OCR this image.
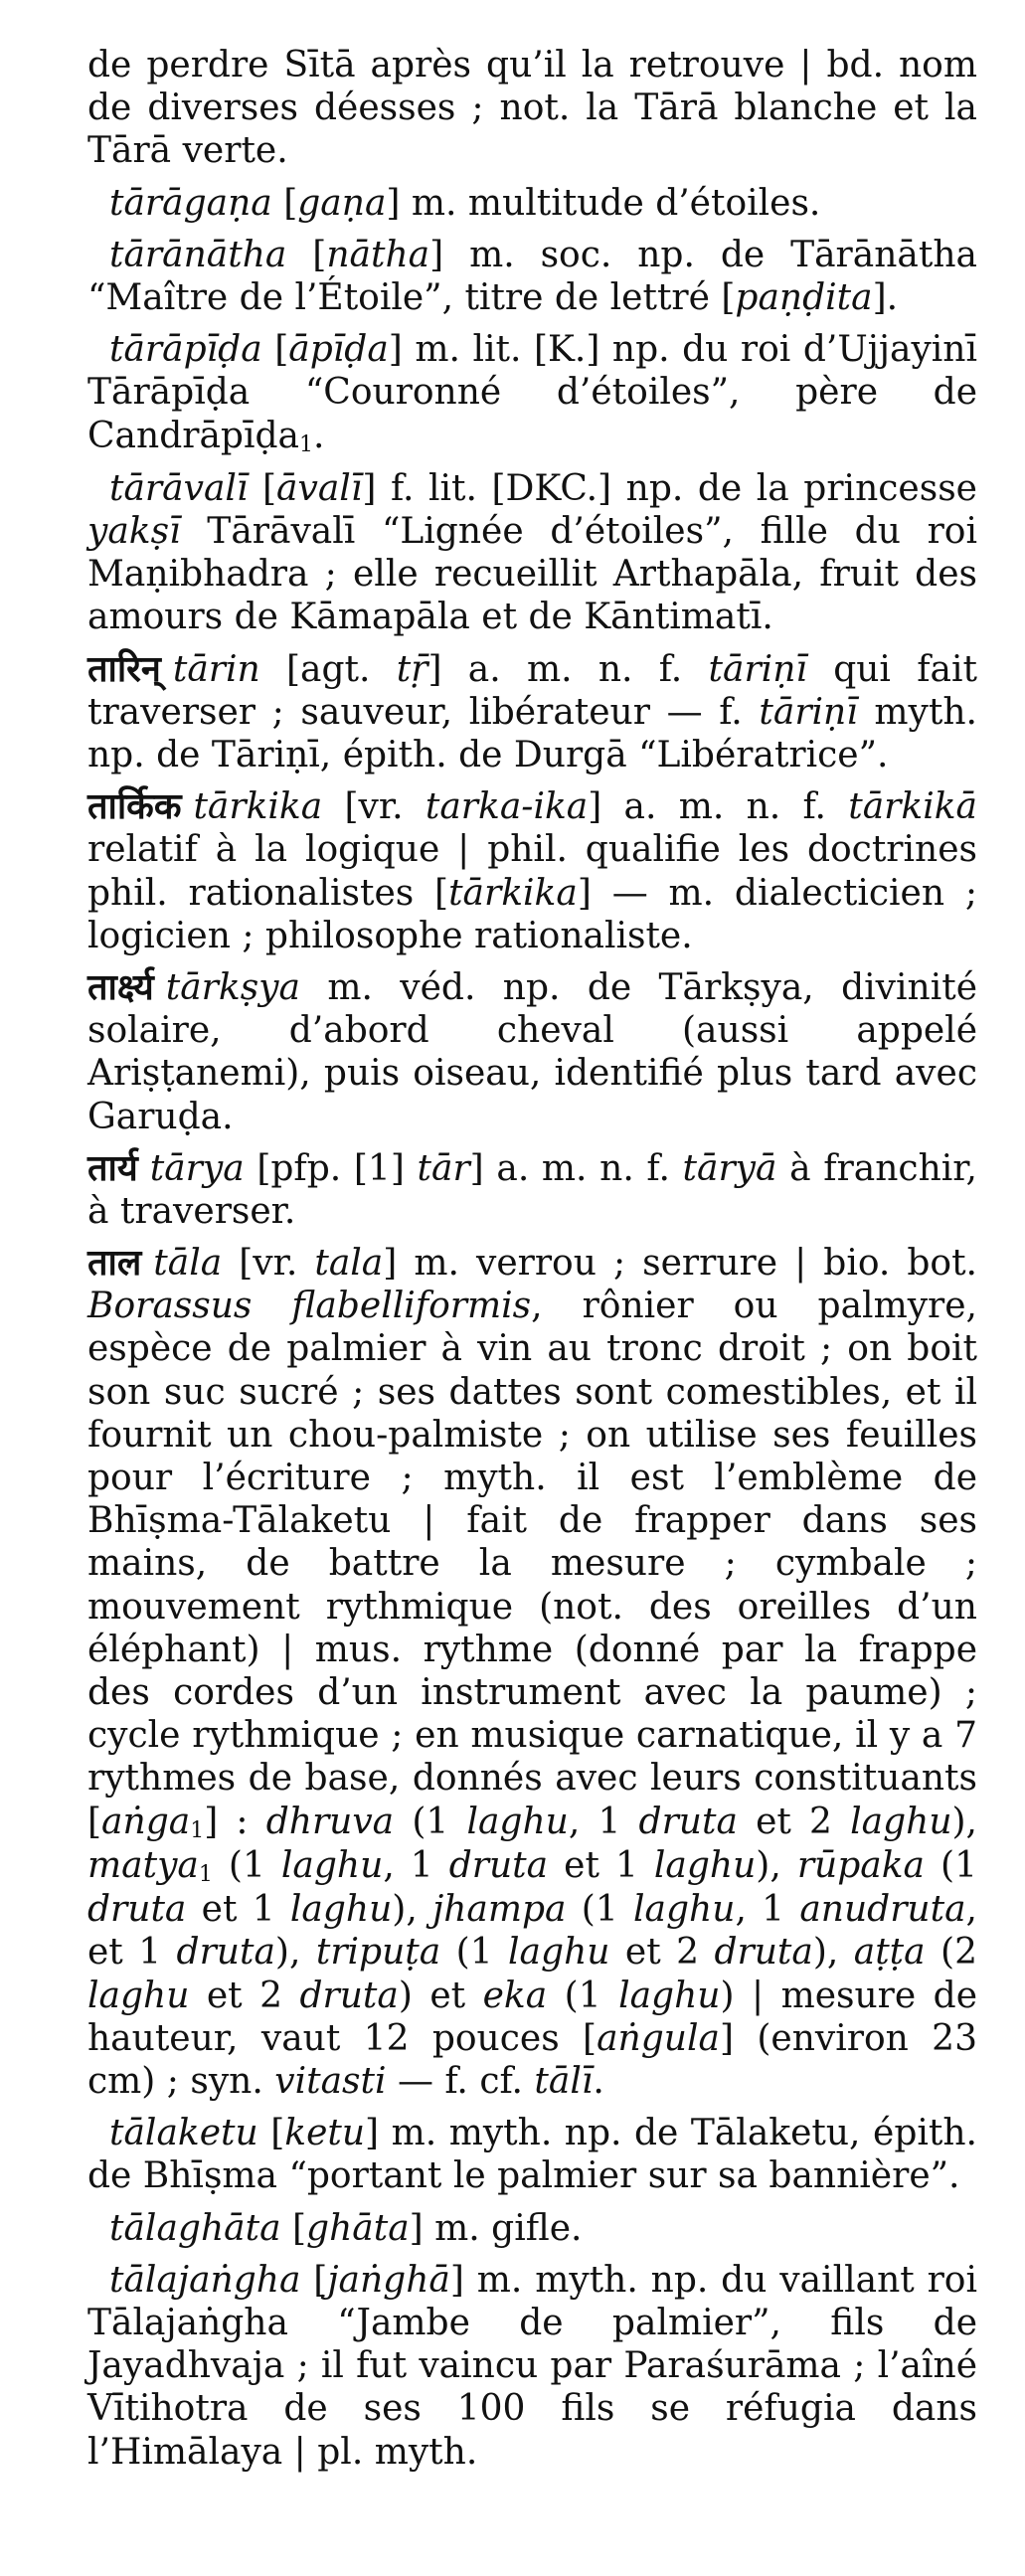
de perdre Sītā après qu’il la retrouve | bd. nom de diverses déesses ; not. la Tārā blanche et la Tārā verte.

tārāgaṇa [gaṇa] m. multitude d’étoiles.

tārānātha [nātha] m. soc. np. de Tārānātha “Maître de l’Étoile”, titre de lettré [paṇḍita].

tārāpīḍa [āpīḍa] m. lit. [K.] np. du roi d’Ujjayinī Tārāpīḍa “Couronné d’étoiles”, père de Candrāpīḍa1.

tārāvalī [āvalī] f. lit. [DKC.] np. de la princesse yakṣī Tārāvalī “Lignée d’étoiles”, fille du roi Maṇibhadra ; elle recueillit Arthapāla, fruit des amours de Kāmapāla et de Kāntimatī.

तारिन् tārin [agt. tṝ] a. m. n. f. tāriṇī qui fait traverser ; sauveur, libérateur — f. tāriṇī myth. np. de Tāriṇī, épith. de Durgā “Libératrice”.

तार्किक tārkika [vr. tarka-ika] a. m. n. f. tārkikā relatif à la logique | phil. qualifie les doctrines phil. rationalistes [tārkika] — m. dialecticien ; logicien ; philosophe rationaliste.

तार्क्ष्य tārkṣya m. véd. np. de Tārkṣya, divinité solaire, d’abord cheval (aussi appelé Ariṣṭanemi), puis oiseau, identifié plus tard avec Garuḍa.

तार्य tārya [pfp. [1] tār] a. m. n. f. tāryā à franchir, à traverser.

ताल tāla [vr. tala] m. verrou ; serrure | bio. bot. Borassus flabelliformis, rônier ou palmyre, espèce de palmier à vin au tronc droit ; on boit son suc sucré ; ses dattes sont comestibles, et il fournit un chou-palmiste ; on utilise ses feuilles pour l’écriture ; myth. il est l’emblème de Bhīṣma-Tālaketu | fait de frapper dans ses mains, de battre la mesure ; cymbale ; mouvement rythmique (not. des oreilles d’un éléphant) | mus. rythme (donné par la frappe des cordes d’un instrument avec la paume) ; cycle rythmique ; en musique carnatique, il y a 7 rythmes de base, donnés avec leurs constituants [aṅga1] : dhruva (1 laghu, 1 druta et 2 laghu), matya1 (1 laghu, 1 druta et 1 laghu), rūpaka (1 druta et 1 laghu), jhampa (1 laghu, 1 anudruta, et 1 druta), tripuṭa (1 laghu et 2 druta), aṭṭa (2 laghu et 2 druta) et eka (1 laghu) | mesure de hauteur, vaut 12 pouces [aṅgula] (environ 23 cm) ; syn. vitasti — f. cf. tālī.

tālaketu [ketu] m. myth. np. de Tālaketu, épith. de Bhīṣma “portant le palmier sur sa bannière”.

tālaghāta [ghāta] m. gifle.

tālajaṅgha [jaṅghā] m. myth. np. du vaillant roi Tālajaṅgha “Jambe de palmier”, fils de Jayadhvaja ; il fut vaincu par Paraśurāma ; l’aîné Vītihotra de ses 100 fils se réfugia dans l’Himālaya | pl. myth.
